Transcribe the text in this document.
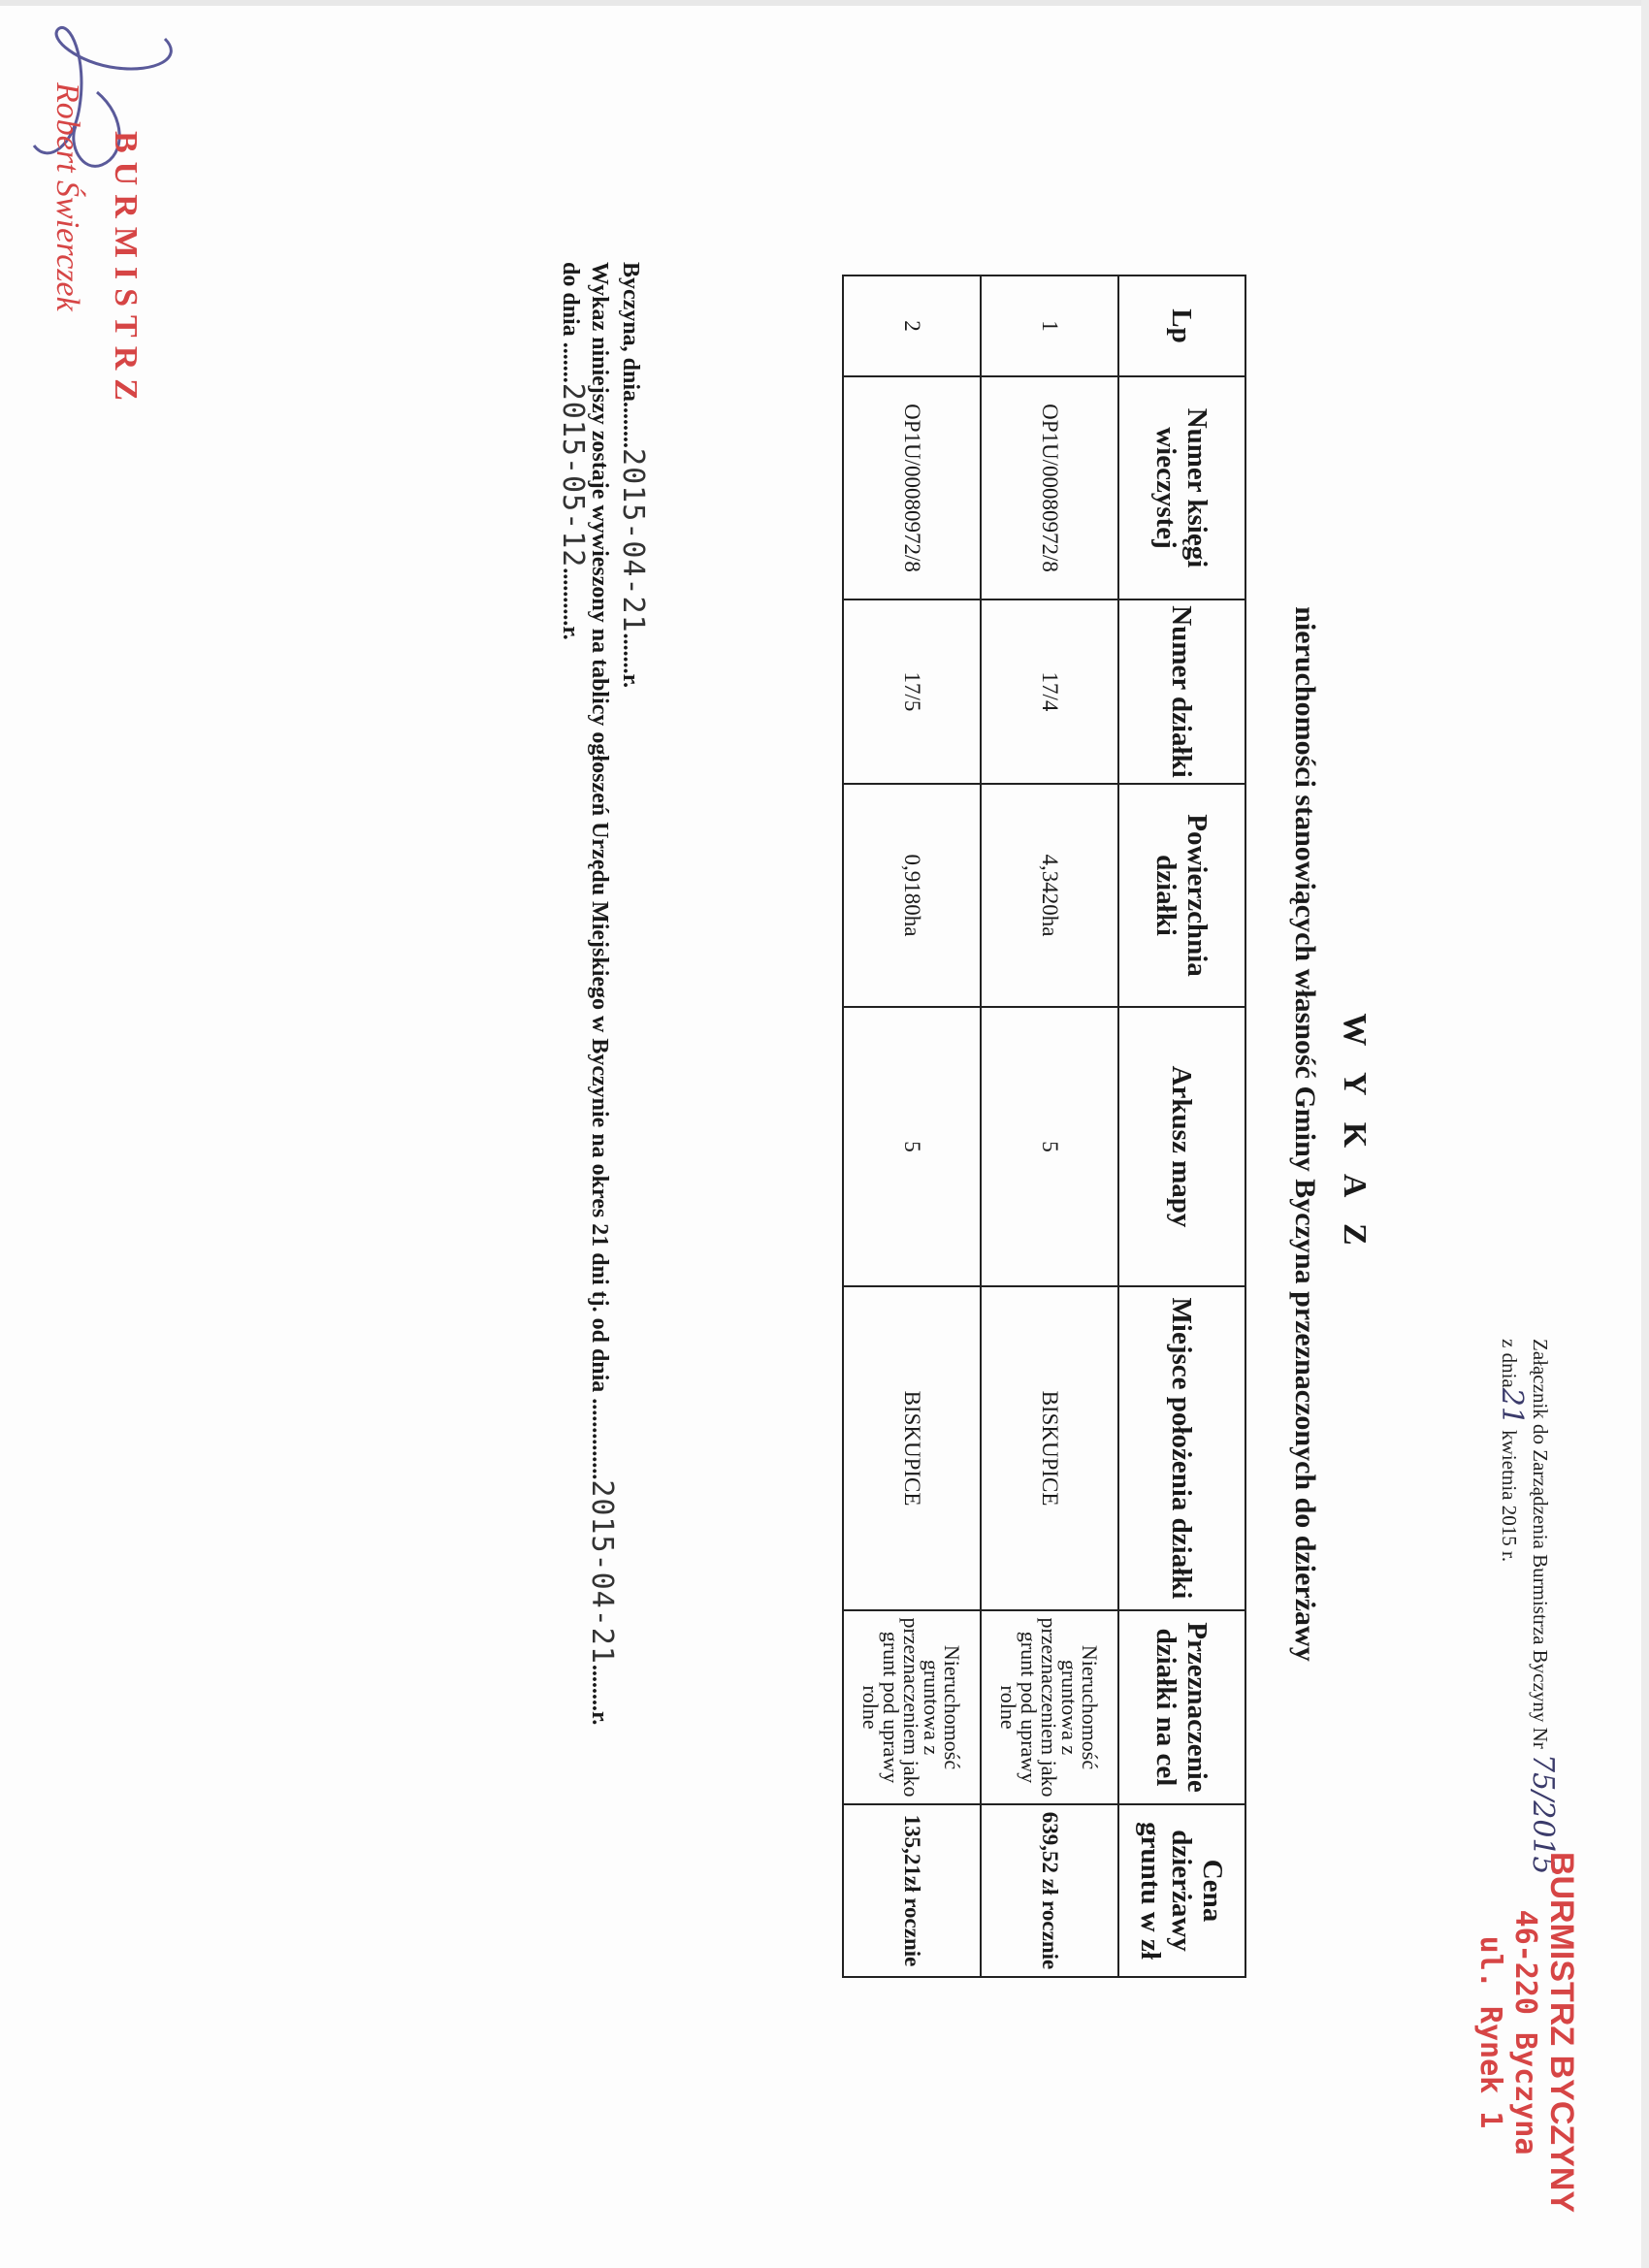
Załącznik do Zarządzenia Burmistrza Byczyny Nr 75/2015
z dnia21 kwietnia 2015 r.
BURMISTRZ BYCZYNY
46-220 Byczyna
ul. Rynek 1
W Y K A Z
nieruchomości stanowiących własność Gminy Byczyna przeznaczonych do dzierżawy
Lp	Numer księgi wieczystej	Numer działki	Powierzchnia działki	Arkusz mapy	Miejsce położenia działki	Przeznaczenie działki na cel	Cena dzierżawy gruntu w zł
1	OP1U/00080972/8	17/4	4,3420ha	5	BISKUPICE	Nieruchomość gruntowa z przeznaczeniem jako grunt pod uprawy rolne	639,52 zł rocznie
2	OP1U/00080972/8	17/5	0,9180ha	5	BISKUPICE	Nieruchomość gruntowa z przeznaczeniem jako grunt pod uprawy rolne	135,21zł rocznie
Byczyna, dnia........2015-04-21.......r.
Wykaz niniejszy zostaje wywieszony na tablicy ogłoszeń Urzędu Miejskiego w Byczynie na okres 21 dni tj. od dnia ..............2015-04-21........r.
do dnia .......2015-05-12..........r.
BURMISTRZ
Robert Świerczek
